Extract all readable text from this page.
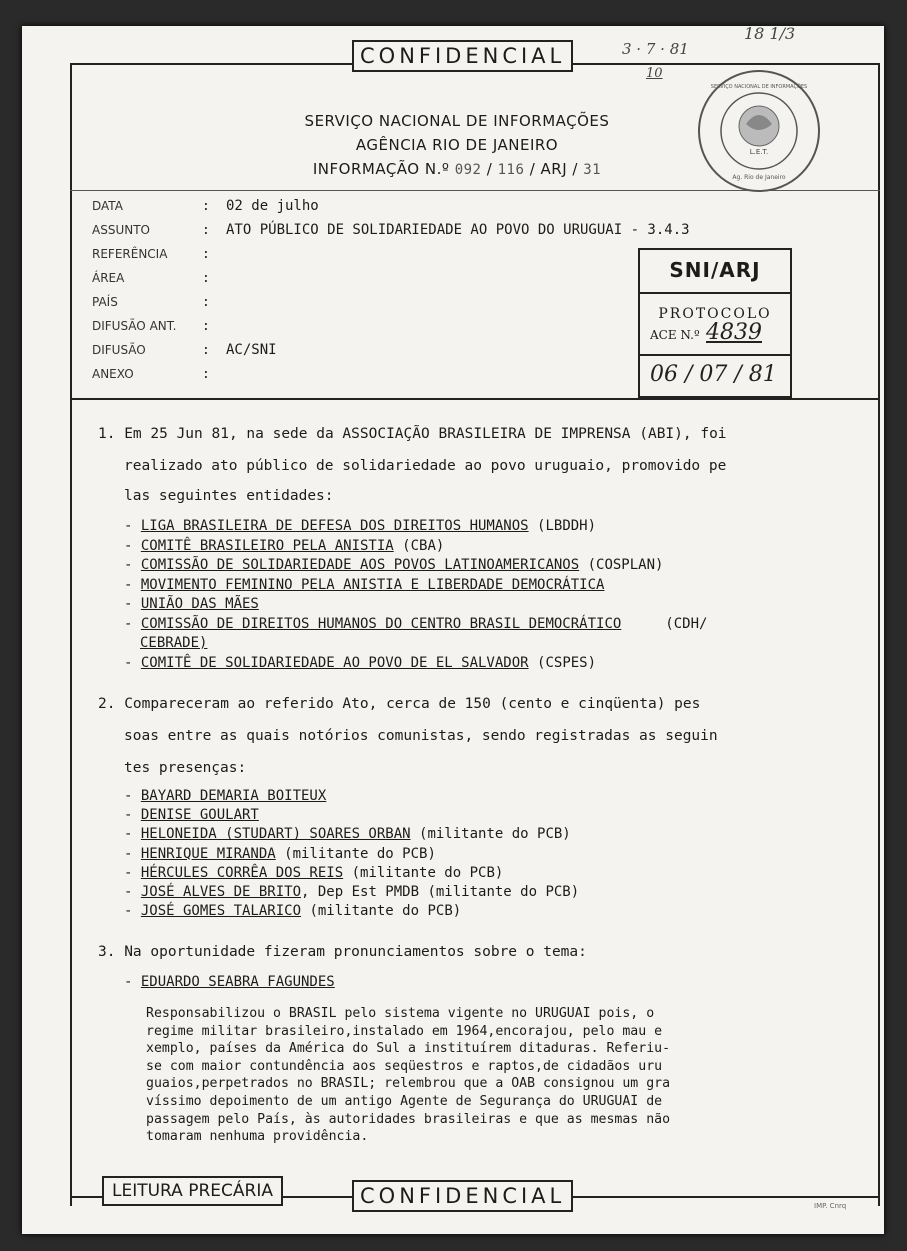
CONFIDENCIAL	3 · 7 · 81
10
18 1/3
SERVIÇO NACIONAL DE INFORMAÇÕES
L.E.T.
Ag. Rio de Janeiro
SERVIÇO NACIONAL DE INFORMAÇÕES
AGÊNCIA RIO DE JANEIRO
INFORMAÇÃO N.º 092 / 116 / ARJ / 31
DATA	: 02 de julho
ASSUNTO	: ATO PÚBLICO DE SOLIDARIEDADE AO POVO DO URUGUAI - 3.4.3
REFERÊNCIA	:
ÁREA	:
PAÍS	:
DIFUSÃO ANT. :
DIFUSÃO	: AC/SNI
ANEXO	:
SNI/ARJ
PROTOCOLO
ACE N.º 4839
06 / 07 / 81
1. Em 25 Jun 81, na sede da ASSOCIAÇÃO BRASILEIRA DE IMPRENSA (ABI), foi
realizado ato público de solidariedade ao povo uruguaio, promovido pe
las seguintes entidades:
- LIGA BRASILEIRA DE DEFESA DOS DIREITOS HUMANOS (LBDDH)
- COMITÊ BRASILEIRO PELA ANISTIA (CBA)
- COMISSÃO DE SOLIDARIEDADE AOS POVOS LATINOAMERICANOS (COSPLAN)
- MOVIMENTO FEMININO PELA ANISTIA E LIBERDADE DEMOCRÁTICA
- UNIÃO DAS MÃES
- COMISSÃO DE DIREITOS HUMANOS DO CENTRO BRASIL DEMOCRÁTICO	(CDH/
CEBRADE)
- COMITÊ DE SOLIDARIEDADE AO POVO DE EL SALVADOR (CSPES)
2. Compareceram ao referido Ato, cerca de 150 (cento e cinqüenta) pes
soas entre as quais notórios comunistas, sendo registradas as seguin
tes presenças:
- BAYARD DEMARIA BOITEUX
- DENISE GOULART
- HELONEIDA (STUDART) SOARES ORBAN (militante do PCB)
- HENRIQUE MIRANDA (militante do PCB)
- HÉRCULES CORRÊA DOS REIS (militante do PCB)
- JOSÉ ALVES DE BRITO, Dep Est PMDB (militante do PCB)
- JOSÉ GOMES TALARICO (militante do PCB)
3. Na oportunidade fizeram pronunciamentos sobre o tema:
- EDUARDO SEABRA FAGUNDES
Responsabilizou o BRASIL pelo sistema vigente no URUGUAI pois, o
regime militar brasileiro,instalado em 1964,encorajou, pelo mau e
xemplo, países da América do Sul a instituírem ditaduras. Referiu-
se com maior contundência aos seqüestros e raptos,de cidadãos uru
guaios,perpetrados no BRASIL; relembrou que a OAB consignou um gra
víssimo depoimento de um antigo Agente de Segurança do URUGUAI de
passagem pelo País, às autoridades brasileiras e que as mesmas não
tomaram nenhuma providência.
LEITURA PRECÁRIA	CONFIDENCIAL	IMP. Cnrq
